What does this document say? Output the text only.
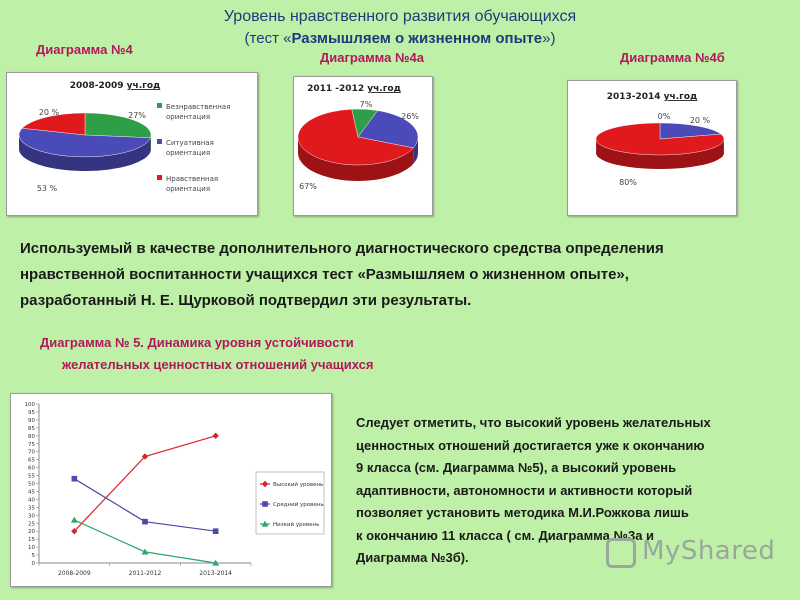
Уровень нравственного развития обучающихся
(тест «Размышляем о жизненном опыте»)
Диаграмма №4
Диаграмма №4а	Диаграмма №4б
2008-2009 уч.год
27%
53 %
20 %
Безнравственная
ориентация
Ситуативная
ориентация
Нравственная
ориентация
2011 -2012 уч.год
7%
26%
67%
2013-2014 уч.год
0% 20 %
80%
Используемый в качестве дополнительного диагностического средства определения
нравственной воспитанности учащихся тест «Размышляем о жизненном опыте»,
разработанный Н. Е. Щурковой подтвердил эти результаты.
Диаграмма № 5. Динамика уровня устойчивости
желательных ценностных отношений учащихся
0
5
10
15
20
25
30
35
40
45
50
55
60
65
70
75
80
85
90
95
100
2008-2009	2011-2012	2013-2014
Высокий уровень
Средний уровень
Низкий уровень
Следует отметить, что высокий уровень желательных
ценностных отношений достигается уже к окончанию
9 класса (см. Диаграмма №5), а высокий уровень
адаптивности, автономности и активности который
позволяет установить методика М.И.Рожкова лишь
к окончанию 11 класса ( см. Диаграмма №3а и
Диаграмма №3б).	MyShared
